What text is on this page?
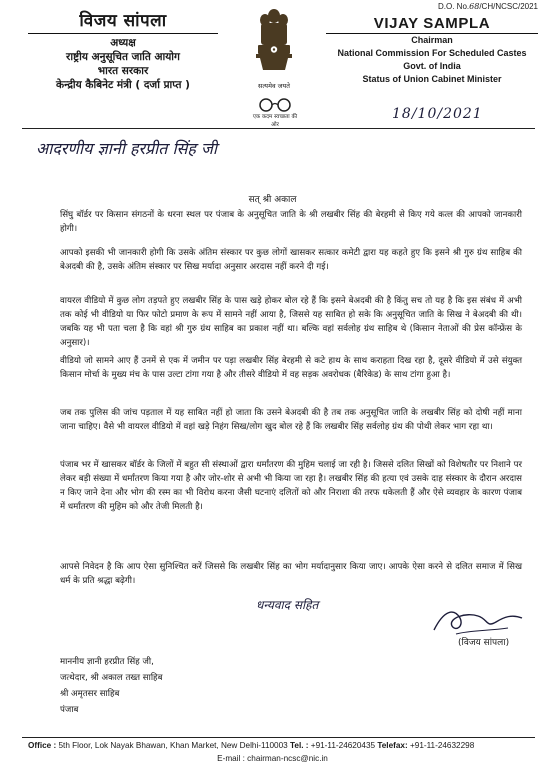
विजय सांपला
अध्यक्ष
राष्ट्रीय अनुसूचित जाति आयोग
भारत सरकार
केन्द्रीय कैबिनेट मंत्री ( दर्जा प्राप्त )	सत्यमेव जयते
एक कदम स्वच्छता की ओर
D.O. No.68/CH/NCSC/2021
VIJAY SAMPLA
Chairman
National Commission For Scheduled Castes
Govt. of India
Status of Union Cabinet Minister
18/10/2021
आदरणीय ज्ञानी हरप्रीत सिंह जी
सत् श्री अकाल
सिंघु बॉर्डर पर किसान संगठनों के धरना स्थल पर पंजाब के अनुसूचित जाति के श्री लखबीर सिंह की बेरहमी से किए गये कत्ल की आपको जानकारी होगी।
आपको इसकी भी जानकारी होगी कि उसके अंतिम संस्कार पर कुछ लोगों खासकर सत्कार कमेटी द्वारा यह कहते हुए कि इसने श्री गुरु ग्रंथ साहिब की बेअदबी की है, उसके अंतिम संस्कार पर सिख मर्यादा अनुसार अरदास नहीं करने दी गई।
वायरल वीडियो में कुछ लोग तड़पते हुए लखबीर सिंह के पास खड़े होकर बोल रहे हैं कि इसने बेअदबी की है किंतु सच तो यह है कि इस संबंध में अभी तक कोई भी वीडियो या फिर फोटो प्रमाण के रूप में सामने नहीं आया है, जिससे यह साबित हो सके कि अनुसूचित जाति के सिख ने बेअदबी की थी। जबकि यह भी पता चला है कि वहां श्री गुरु ग्रंथ साहिब का प्रकाश नहीं था। बल्कि वहां सर्वलोह ग्रंथ साहिब थे (किसान नेताओं की प्रेस कॉन्फ्रेंस के अनुसार)।
वीडियो जो सामने आए हैं उनमें से एक में जमीन पर पड़ा लखबीर सिंह बेरहमी से कटे हाथ के साथ कराहता दिख रहा है, दूसरे वीडियो में उसे संयुक्त किसान मोर्चा के मुख्य मंच के पास उल्टा टांगा गया है और तीसरे वीडियो में वह सड़क अवरोधक (बैरिकेड) के साथ टांगा हुआ है।
जब तक पुलिस की जांच पड़ताल में यह साबित नहीं हो जाता कि उसने बेअदबी की है तब तक अनुसूचित जाति के लखबीर सिंह को दोषी नहीं माना जाना चाहिए। वैसे भी वायरल वीडियो में वहां खड़े निहंग सिख/लोग खुद बोल रहे हैं कि लखबीर सिंह सर्वलोह ग्रंथ की पोथी लेकर भाग रहा था।
पंजाब भर में खासकर बॉर्डर के जिलों में बहुत सी संस्थाओं द्वारा धर्मांतरण की मुहिम चलाई जा रही है। जिससे दलित सिखों को विशेषतौर पर निशाने पर लेकर बड़ी संख्या में धर्मांतरण किया गया है और जोर-शोर से अभी भी किया जा रहा है। लखबीर सिंह की हत्या एवं उसके दाह संस्कार के दौरान अरदास न किए जाने देना और भोग की रस्म का भी विरोध करना जैसी घटनाएं दलितों को और निराशा की तरफ धकेलती हैं और ऐसे व्यवहार के कारण पंजाब में धर्मांतरण की मुहिम को और तेजी मिलती है।
आपसे निवेदन है कि आप ऐसा सुनिश्चित करें जिससे कि लखबीर सिंह का भोग मर्यादानुसार किया जाए। आपके ऐसा करने से दलित समाज में सिख धर्म के प्रति श्रद्धा बढ़ेगी।
धन्यवाद सहित
(विजय सांपला)
माननीय ज्ञानी हरप्रीत सिंह जी,
जत्थेदार, श्री अकाल तख्त साहिब
श्री अमृतसर साहिब
पंजाब
Office : 5th Floor, Lok Nayak Bhawan, Khan Market, New Delhi-110003 Tel. : +91-11-24620435 Telefax: +91-11-24632298
E-mail : chairman-ncsc@nic.in
